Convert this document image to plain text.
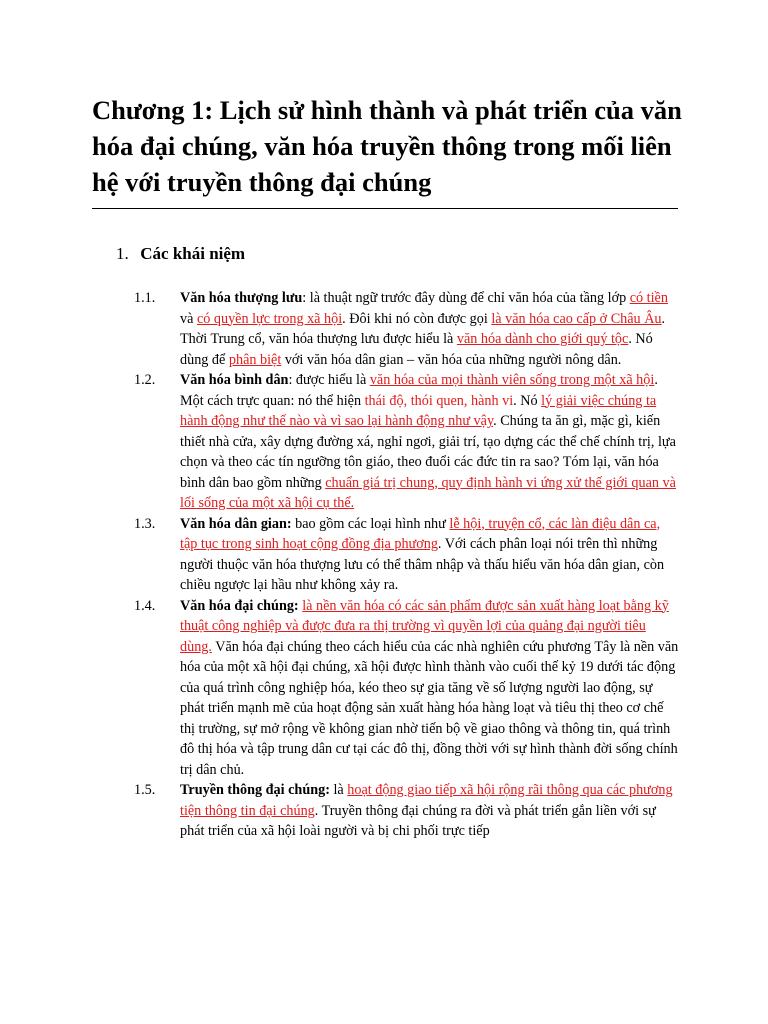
Chương 1: Lịch sử hình thành và phát triển của văn hóa đại chúng, văn hóa truyền thông trong mối liên hệ với truyền thông đại chúng
1. Các khái niệm
1.1. Văn hóa thượng lưu: là thuật ngữ trước đây dùng để chỉ văn hóa của tầng lớp có tiền và có quyền lực trong xã hội. Đôi khi nó còn được gọi là văn hóa cao cấp ở Châu Âu. Thời Trung cổ, văn hóa thượng lưu được hiểu là văn hóa dành cho giới quý tộc. Nó dùng để phân biệt với văn hóa dân gian – văn hóa của những người nông dân.
1.2. Văn hóa bình dân: được hiểu là văn hóa của mọi thành viên sống trong một xã hội. Một cách trực quan: nó thể hiện thái độ, thói quen, hành vi. Nó lý giải việc chúng ta hành động như thế nào và vì sao lại hành động như vậy. Chúng ta ăn gì, mặc gì, kiến thiết nhà cửa, xây dựng đường xá, nghỉ ngơi, giải trí, tạo dựng các thể chế chính trị, lựa chọn và theo các tín ngưỡng tôn giáo, theo đuổi các đức tin ra sao? Tóm lại, văn hóa bình dân bao gồm những chuẩn giá trị chung, quy định hành vi ứng xử thế giới quan và lối sống của một xã hội cụ thể.
1.3. Văn hóa dân gian: bao gồm các loại hình như lễ hội, truyện cổ, các làn điệu dân ca, tập tục trong sinh hoạt cộng đồng địa phương. Với cách phân loại nói trên thì những người thuộc văn hóa thượng lưu có thể thâm nhập và thấu hiểu văn hóa dân gian, còn chiều ngược lại hầu như không xảy ra.
1.4. Văn hóa đại chúng: là nền văn hóa có các sản phẩm được sản xuất hàng loạt bằng kỹ thuật công nghiệp và được đưa ra thị trường vì quyền lợi của quảng đại người tiêu dùng. Văn hóa đại chúng theo cách hiểu của các nhà nghiên cứu phương Tây là nền văn hóa của một xã hội đại chúng, xã hội được hình thành vào cuối thế kỷ 19 dưới tác động của quá trình công nghiệp hóa, kéo theo sự gia tăng về số lượng người lao động, sự phát triển mạnh mẽ của hoạt động sản xuất hàng hóa hàng loạt và tiêu thị theo cơ chế thị trường, sự mở rộng về không gian nhờ tiến bộ về giao thông và thông tin, quá trình đô thị hóa và tập trung dân cư tại các đô thị, đồng thời với sự hình thành đời sống chính trị dân chủ.
1.5. Truyền thông đại chúng: là hoạt động giao tiếp xã hội rộng rãi thông qua các phương tiện thông tin đại chúng. Truyền thông đại chúng ra đời và phát triển gắn liền với sự phát triển của xã hội loài người và bị chi phối trực tiếp
